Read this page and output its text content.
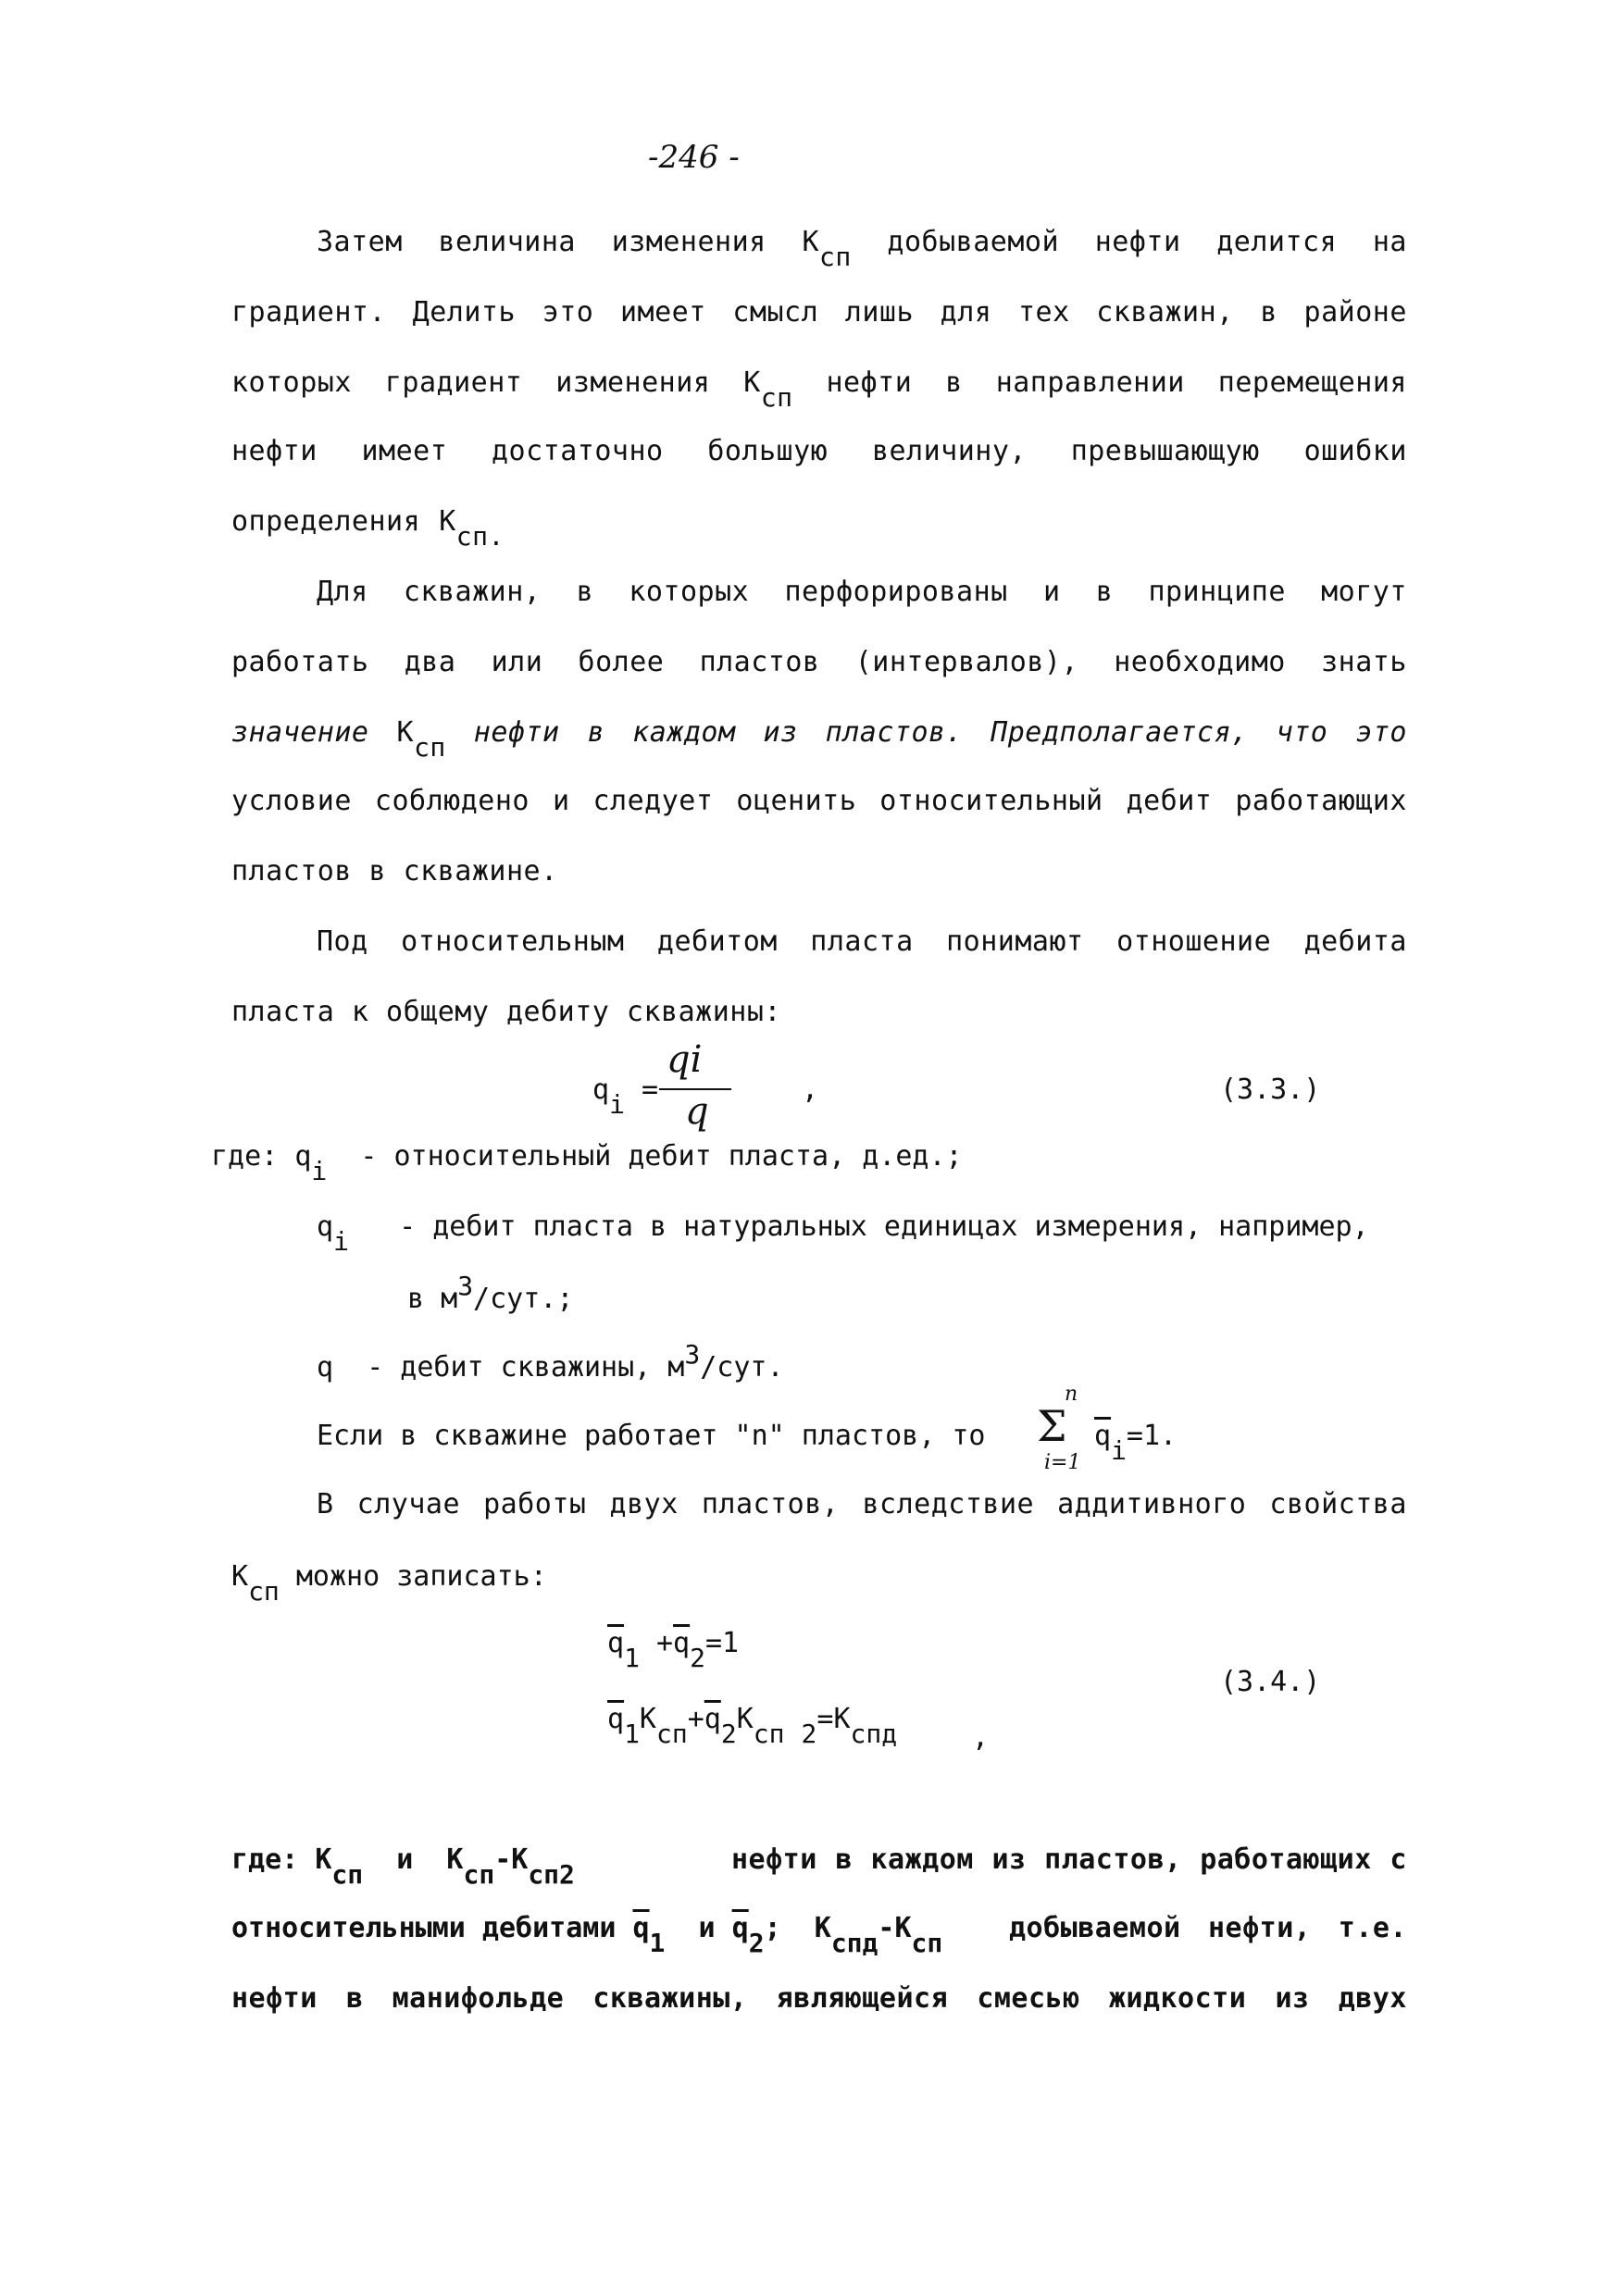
-246 -
Затем величина изменения Ксп добываемой нефти делится на
градиент. Делить это имеет смысл лишь для тех скважин, в районе
которых градиент изменения Ксп нефти в направлении перемещения
нефти имеет достаточно большую величину, превышающую ошибки
определения Ксп.
Для скважин, в которых перфорированы и в принципе могут
работать два или более пластов (интервалов), необходимо знать
значение Ксп нефти в каждом из пластов. Предполагается, что это
условие соблюдено и следует оценить относительный дебит работающих
пластов в скважине.
Под относительным дебитом пласта понимают отношение дебита
пласта к общему дебиту скважины:
qi =
qi
q
,	(3.3.)
где: qi - относительный дебит пласта, д.ед.;
qi - дебит пласта в натуральных единицах измерения, например,
в м3/сут.;
q - дебит скважины, м3/сут.
Если в скважине работает "n" пластов, то
n
Σ
i=1
$\overline{q}i=1$.
В случае работы двух пластов, вследствие аддитивного свойства
Ксп можно записать:
$\overline{q}1 +\overline{q}2=1$
(3.4.)
$\overline{q}1Ксп+\overline{q}2Ксп$ 2=Кспд	,
где: Ксп и Ксп-Ксп2	нефти в каждом из пластов, работающих с
относительными дебитами $\overline{q}1$ и $\overline{q}2$; Кспд-Ксп добываемой нефти, т.е.
нефти в манифольде скважины, являющейся смесью жидкости из двух
